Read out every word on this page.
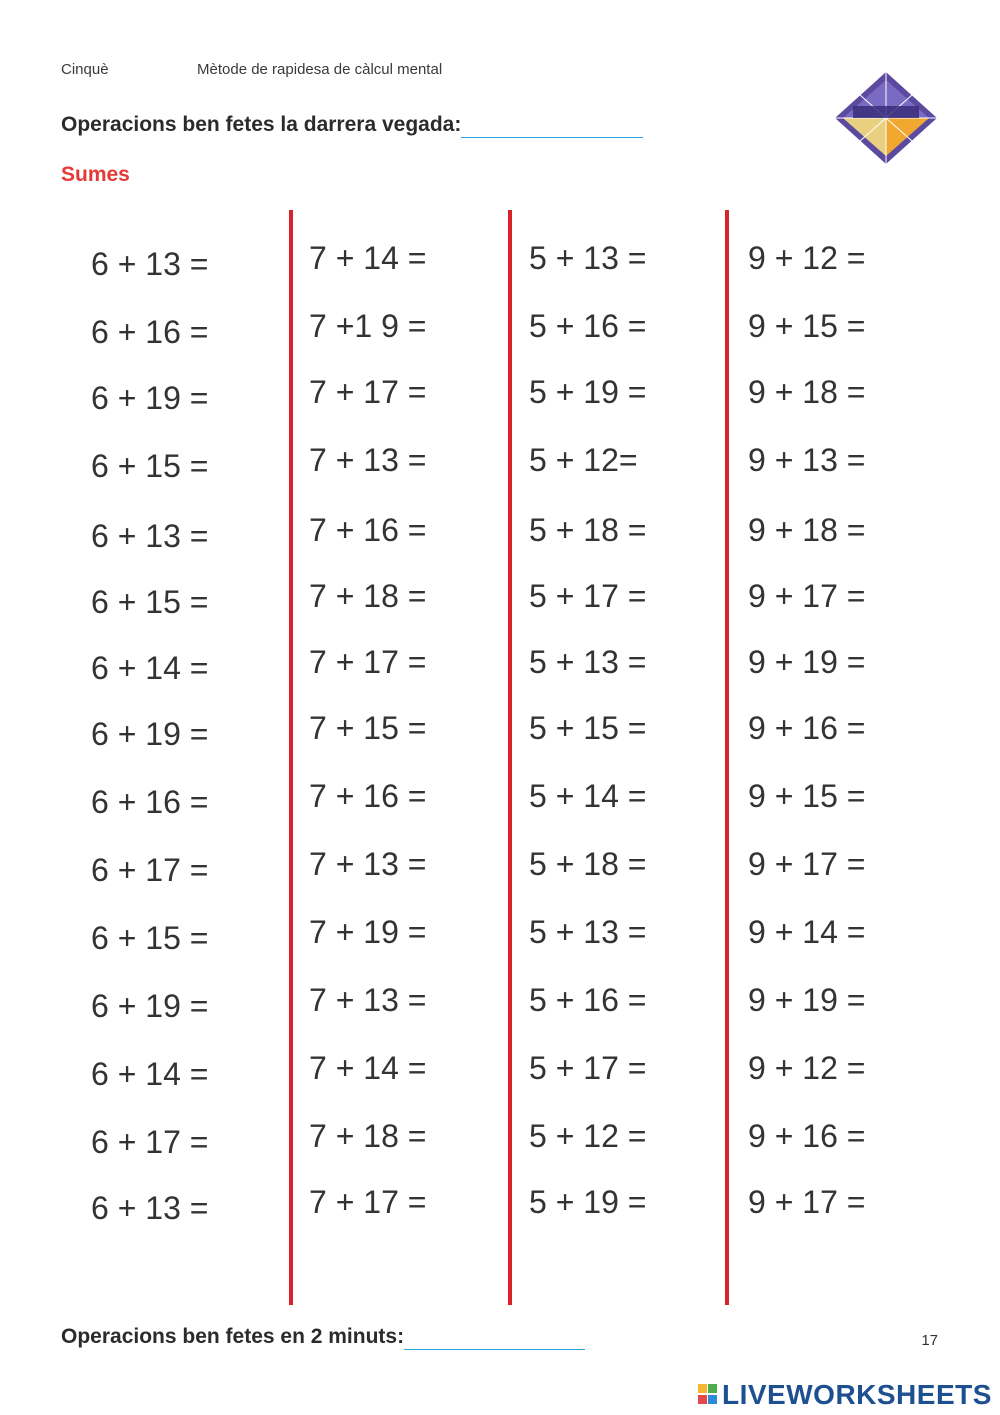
Cinquè	Mètode de rapidesa de càlcul mental
Operacions ben fetes la darrera vegada:
Sumes
6 + 13 =
6 + 16 =
6 + 19 =
6 + 15 =
6 + 13 =
6 + 15 =
6 + 14 =
6 + 19 =
6 + 16 =
6 + 17 =
6 + 15 =
6 + 19 =
6 + 14 =
6 + 17 =
6 + 13 =
7 + 14 =
7 +1 9 =
7 + 17 =
7 + 13 =
7 + 16 =
7 + 18 =
7 + 17 =
7 + 15 =
7 + 16 =
7 + 13 =
7 + 19 =
7 + 13 =
7 + 14 =
7 + 18 =
7 + 17 =
5 + 13 =
5 + 16 =
5 + 19 =
5 + 12=
5 + 18 =
5 + 17 =
5 + 13 =
5 + 15 =
5 + 14 =
5 + 18 =
5 + 13 =
5 + 16 =
5 + 17 =
5 + 12 =
5 + 19 =
9 + 12 =
9 + 15 =
9 + 18 =
9 + 13 =
9 + 18 =
9 + 17 =
9 + 19 =
9 + 16 =
9 + 15 =
9 + 17 =
9 + 14 =
9 + 19 =
9 + 12 =
9 + 16 =
9 + 17 =
Operacions ben fetes en 2 minuts:	17
LIVEWORKSHEETS
